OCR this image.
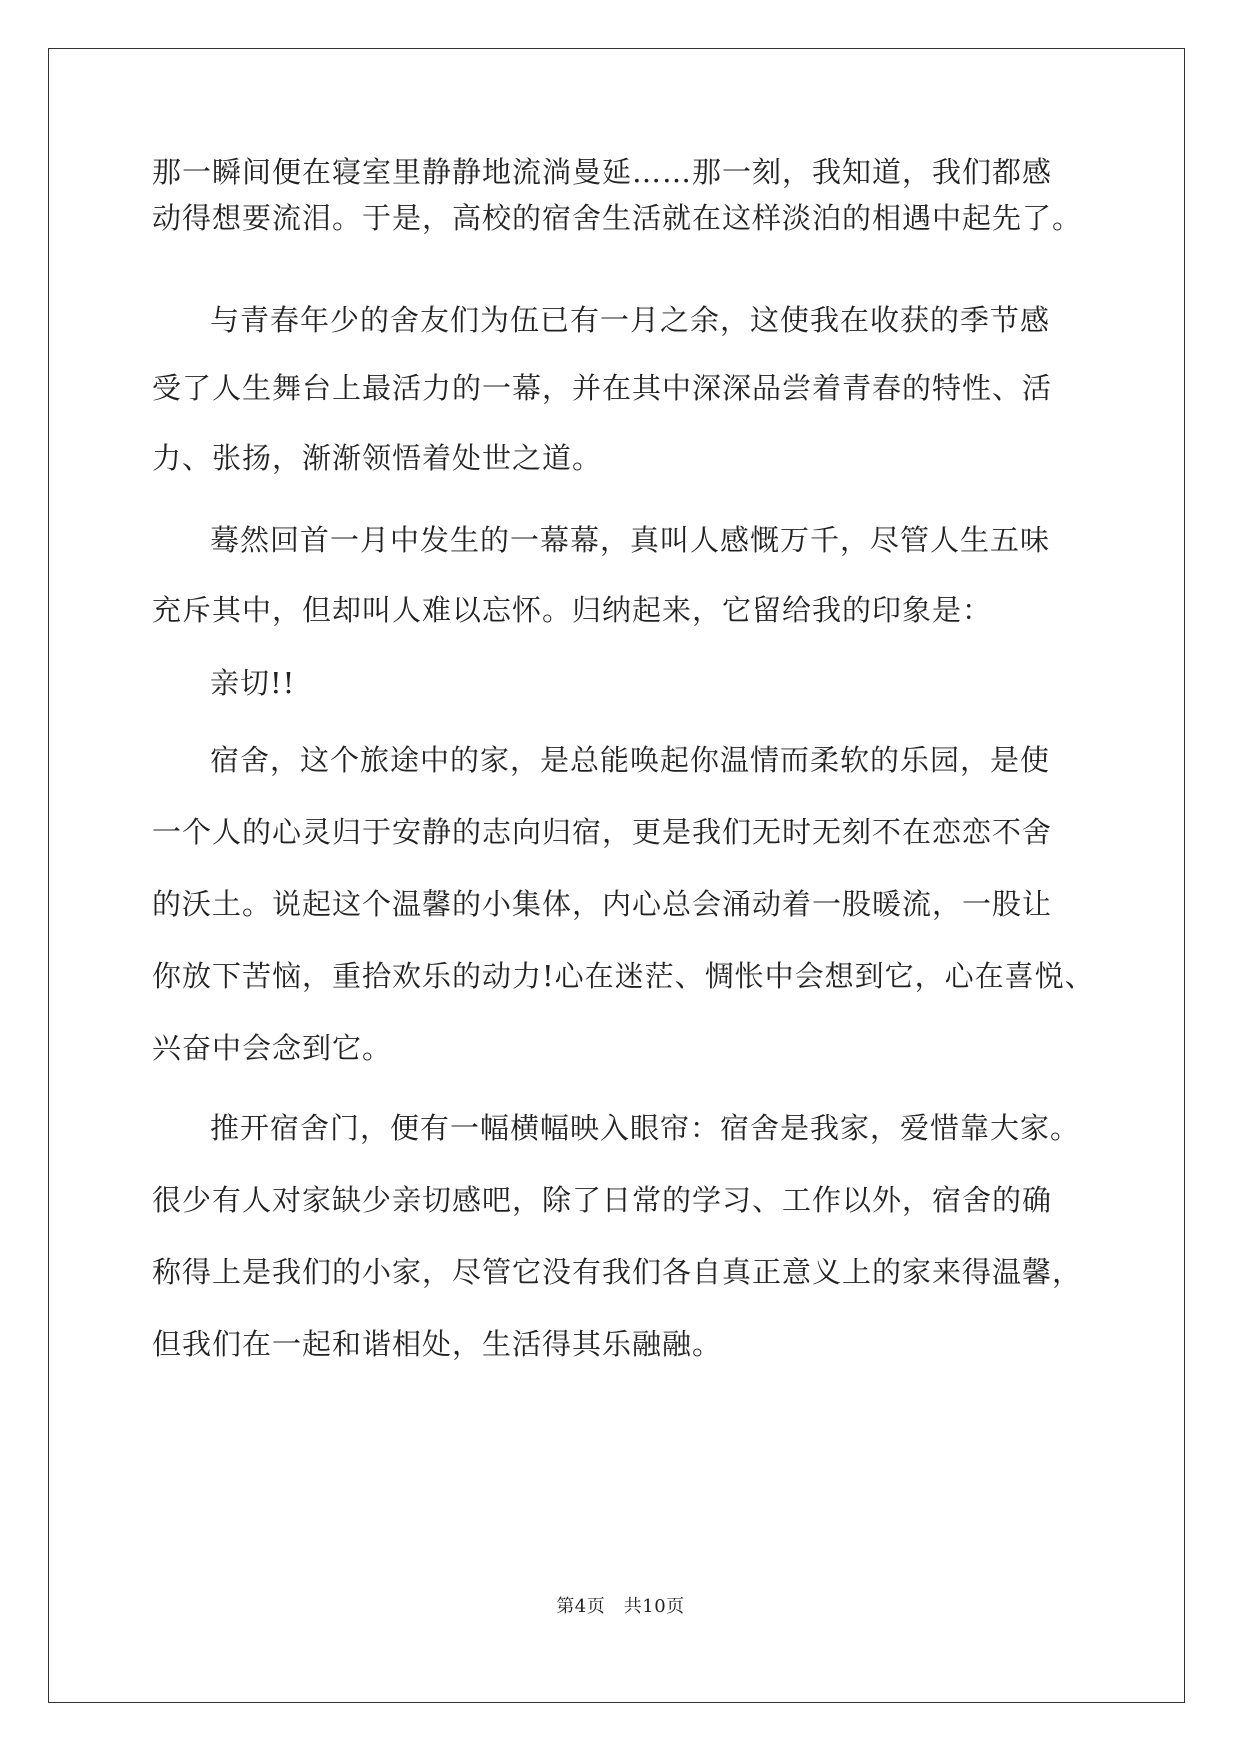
那一瞬间便在寝室里静静地流淌曼延……那一刻，我知道，我们都感
动得想要流泪。于是，高校的宿舍生活就在这样淡泊的相遇中起先了。
与青春年少的舍友们为伍已有一月之余，这使我在收获的季节感
受了人生舞台上最活力的一幕，并在其中深深品尝着青春的特性、活
力、张扬，渐渐领悟着处世之道。
蓦然回首一月中发生的一幕幕，真叫人感慨万千，尽管人生五味
充斥其中，但却叫人难以忘怀。归纳起来，它留给我的印象是：
亲切!!
宿舍，这个旅途中的家，是总能唤起你温情而柔软的乐园，是使
一个人的心灵归于安静的志向归宿，更是我们无时无刻不在恋恋不舍
的沃土。说起这个温馨的小集体，内心总会涌动着一股暖流，一股让
你放下苦恼，重拾欢乐的动力!心在迷茫、惆怅中会想到它，心在喜悦、
兴奋中会念到它。
推开宿舍门，便有一幅横幅映入眼帘：宿舍是我家，爱惜靠大家。
很少有人对家缺少亲切感吧，除了日常的学习、工作以外，宿舍的确
称得上是我们的小家，尽管它没有我们各自真正意义上的家来得温馨，
但我们在一起和谐相处，生活得其乐融融。
第4页　共10页
